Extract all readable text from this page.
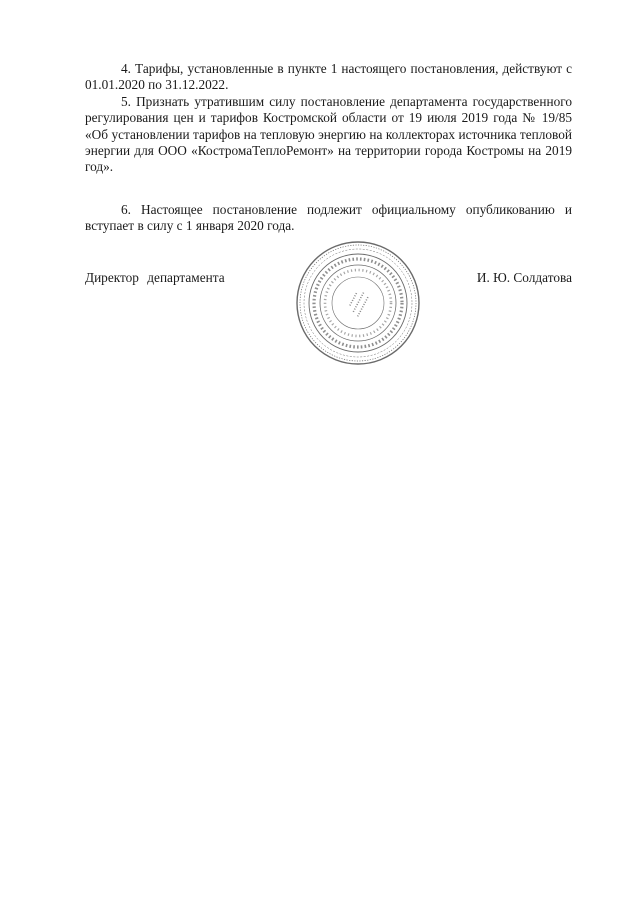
4. Тарифы, установленные в пункте 1 настоящего постановления, действуют с 01.01.2020 по 31.12.2022.

5. Признать утратившим силу постановление департамента государственного регулирования цен и тарифов Костромской области от 19 июля 2019 года № 19/85 «Об установлении тарифов на тепловую энергию на коллекторах источника тепловой энергии для ООО «КостромаТеплоРемонт» на территории города Костромы на 2019 год».

6. Настоящее постановление подлежит официальному опубликованию и вступает в силу с 1 января 2020 года.

Директор департамента	И. Ю. Солдатова
